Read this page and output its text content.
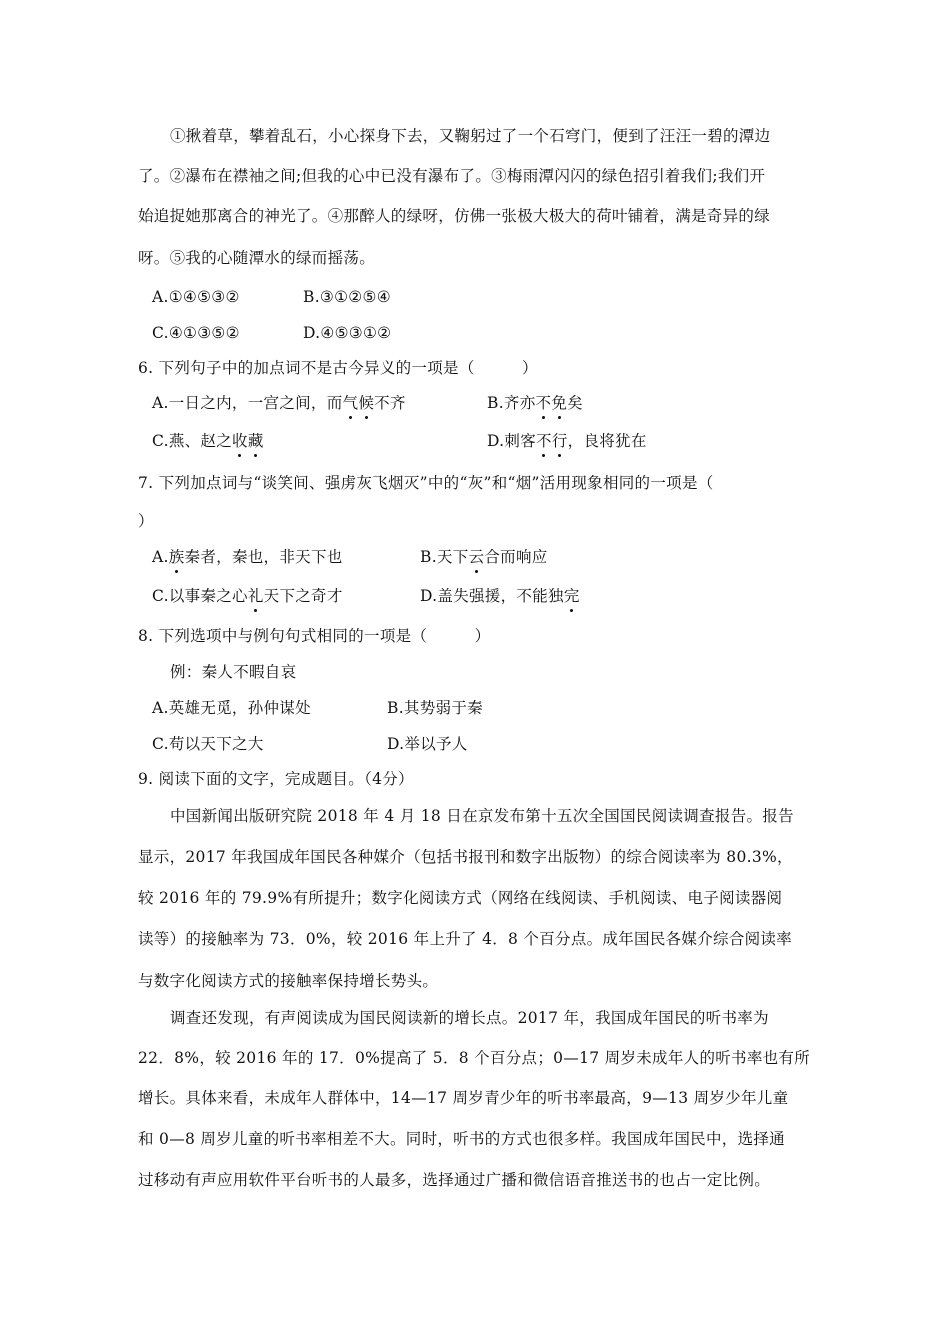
①揪着草，攀着乱石，小心探身下去，又鞠躬过了一个石穹门，便到了汪汪一碧的潭边
了。②瀑布在襟袖之间;但我的心中已没有瀑布了。③梅雨潭闪闪的绿色招引着我们;我们开
始追捉她那离合的神光了。④那醉人的绿呀，仿佛一张极大极大的荷叶铺着，满是奇异的绿
呀。⑤我的心随潭水的绿而摇荡。
A.①④⑤③②	B.③①②⑤④
C.④①③⑤②	D.④⑤③①②
6. 下列句子中的加点词不是古今异义的一项是（　　　）
A.一日之内，一宫之间，而气候不齐	B.齐亦不免矣
C.燕、赵之收藏	D.刺客不行，良将犹在
7. 下列加点词与“谈笑间、强虏灰飞烟灭”中的“灰”和“烟”活用现象相同的一项是（
）
A.族秦者，秦也，非天下也	B.天下云合而响应
C.以事秦之心礼天下之奇才	D.盖失强援，不能独完
8. 下列选项中与例句句式相同的一项是（　　　）
例：秦人不暇自哀
A.英雄无觅，孙仲谋处	B.其势弱于秦
C.苟以天下之大	D.举以予人
9. 阅读下面的文字，完成题目。（4分）
中国新闻出版研究院 2018 年 4 月 18 日在京发布第十五次全国国民阅读调查报告。报告
显示，2017 年我国成年国民各种媒介（包括书报刊和数字出版物）的综合阅读率为 80.3%，
较 2016 年的 79.9%有所提升；数字化阅读方式（网络在线阅读、手机阅读、电子阅读器阅
读等）的接触率为 73．0%，较 2016 年上升了 4．8 个百分点。成年国民各媒介综合阅读率
与数字化阅读方式的接触率保持增长势头。
调查还发现，有声阅读成为国民阅读新的增长点。2017 年，我国成年国民的听书率为
22．8%，较 2016 年的 17．0%提高了 5．8 个百分点；0—17 周岁未成年人的听书率也有所
增长。具体来看，未成年人群体中，14—17 周岁青少年的听书率最高，9—13 周岁少年儿童
和 0—8 周岁儿童的听书率相差不大。同时，听书的方式也很多样。我国成年国民中，选择通
过移动有声应用软件平台听书的人最多，选择通过广播和微信语音推送书的也占一定比例。
